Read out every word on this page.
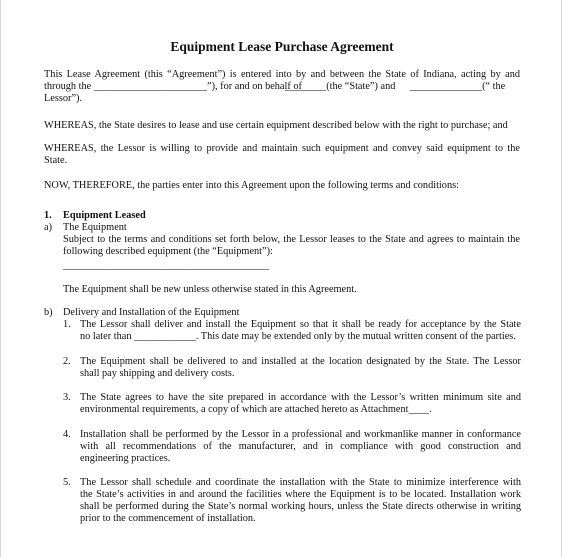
Equipment Lease Purchase Agreement
This Lease Agreement (this “Agreement”) is entered into by and between the State of Indiana, acting by and
through the ______________________”), for and on behalf of
________(the “State”) and ______________(“ the
Lessor”).
WHEREAS, the State desires to lease and use certain equipment described below with the right to purchase; and
WHEREAS, the Lessor is willing to provide and maintain such equipment and convey said equipment to the
State.
NOW, THEREFORE, the parties enter into this Agreement upon the following terms and conditions:
1. Equipment Leased
a) The Equipment
Subject to the terms and conditions set forth below, the Lessor leases to the State and agrees to maintain the
following described equipment (the “Equipment”):
________________________________________
The Equipment shall be new unless otherwise stated in this Agreement.
b) Delivery and Installation of the Equipment
1. The Lessor shall deliver and install the Equipment so that it shall be ready for acceptance by the State
no later than ____________. This date may be extended only by the mutual written consent of the parties.
2. The Equipment shall be delivered to and installed at the location designated by the State. The Lessor
shall pay shipping and delivery costs.
3. The State agrees to have the site prepared in accordance with the Lessor’s written minimum site and
environmental requirements, a copy of which are attached hereto as Attachment____.
4. Installation shall be performed by the Lessor in a professional and workmanlike manner in conformance
with all recommendations of the manufacturer, and in compliance with good construction and
engineering practices.
5. The Lessor shall schedule and coordinate the installation with the State to minimize interference with
the State’s activities in and around the facilities where the Equipment is to be located. Installation work
shall be performed during the State’s normal working hours, unless the State directs otherwise in writing
prior to the commencement of installation.
